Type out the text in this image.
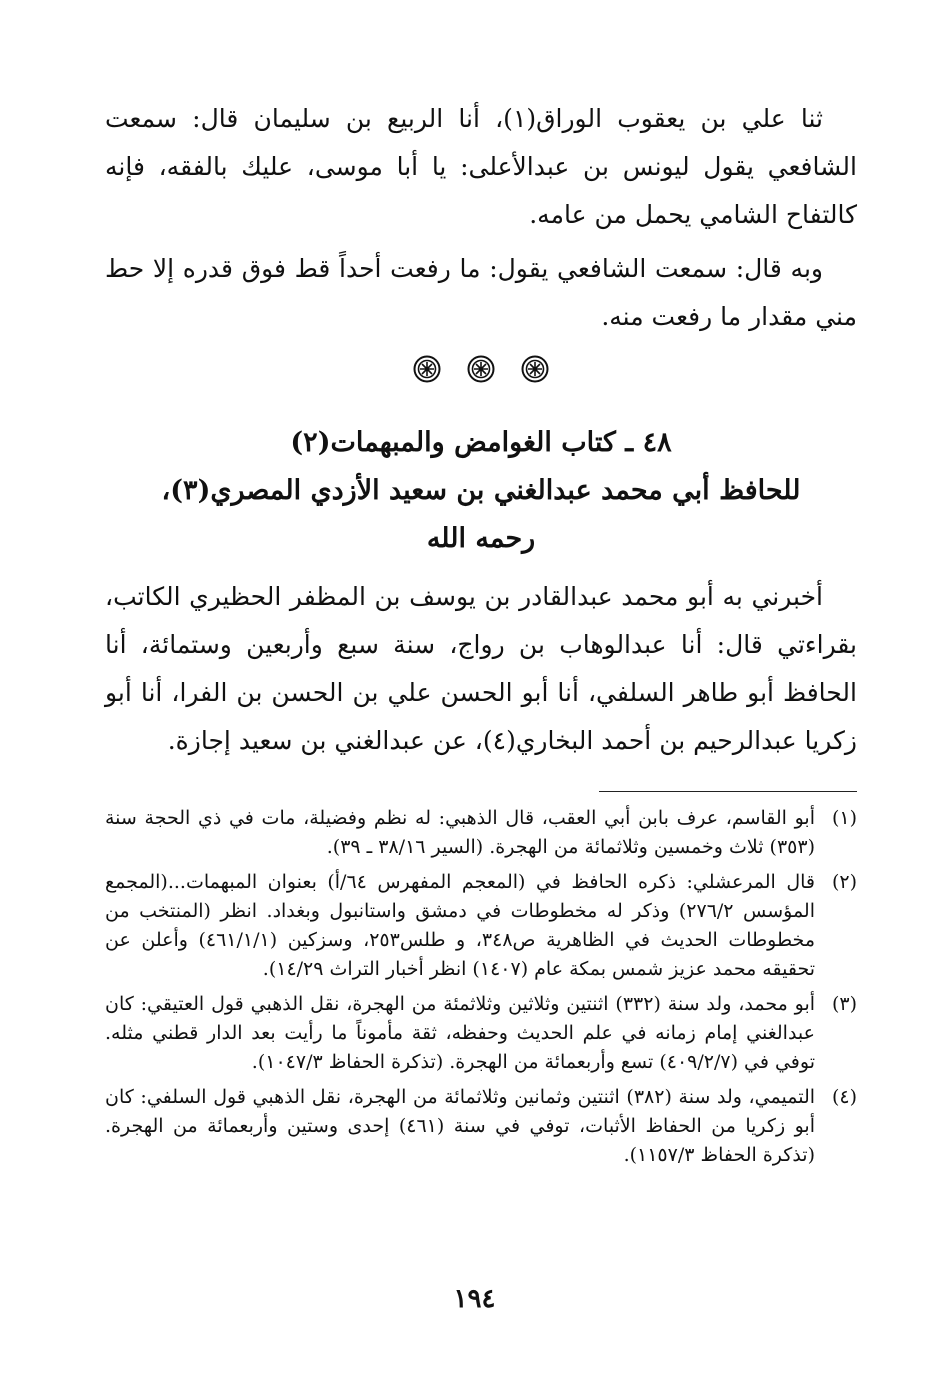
ثنا علي بن يعقوب الوراق(١)، أنا الربيع بن سليمان قال: سمعت الشافعي يقول ليونس بن عبدالأعلى: يا أبا موسى، عليك بالفقه، فإنه كالتفاح الشامي يحمل من عامه.

وبه قال: سمعت الشافعي يقول: ما رفعت أحداً قط فوق قدره إلا حط مني مقدار ما رفعت منه.

٤٨ ـ كتاب الغوامض والمبهمات(٢)

للحافظ أبي محمد عبدالغني بن سعيد الأزدي المصري(٣)،

رحمه الله

أخبرني به أبو محمد عبدالقادر بن يوسف بن المظفر الحظيري الكاتب، بقراءتي قال: أنا عبدالوهاب بن رواج، سنة سبع وأربعين وستمائة، أنا الحافظ أبو طاهر السلفي، أنا أبو الحسن علي بن الحسن بن الفرا، أنا أبو زكريا عبدالرحيم بن أحمد البخاري(٤)، عن عبدالغني بن سعيد إجازة.

(١)
أبو القاسم، عرف بابن أبي العقب، قال الذهبي: له نظم وفضيلة، مات في ذي الحجة سنة (٣٥٣) ثلاث وخمسين وثلاثمائة من الهجرة. (السير ٣٨/١٦ ـ ٣٩).
(٢)
قال المرعشلي: ذكره الحافظ في (المعجم المفهرس ٦٤/أ) بعنوان المبهمات...(المجمع المؤسس ٢٧٦/٢) وذكر له مخطوطات في دمشق واستانبول وبغداد. انظر (المنتخب من مخطوطات الحديث في الظاهرية ص٣٤٨، و طلس٢٥٣، وسزكين (٤٦١/١/١) وأعلن عن تحقيقه محمد عزيز شمس بمكة عام (١٤٠٧) انظر أخبار التراث ١٤/٢٩).
(٣)
أبو محمد، ولد سنة (٣٣٢) اثنتين وثلاثين وثلاثمئة من الهجرة، نقل الذهبي قول العتيقي: كان عبدالغني إمام زمانه في علم الحديث وحفظه، ثقة مأموناً ما رأيت بعد الدار قطني مثله. توفي في (٤٠٩/٢/٧) تسع وأربعمائة من الهجرة. (تذكرة الحفاظ ١٠٤٧/٣).
(٤)
التميمي، ولد سنة (٣٨٢) اثنتين وثمانين وثلاثمائة من الهجرة، نقل الذهبي قول السلفي: كان أبو زكريا من الحفاظ الأثبات، توفي في سنة (٤٦١) إحدى وستين وأربعمائة من الهجرة. (تذكرة الحفاظ ١١٥٧/٣).
١٩٤
